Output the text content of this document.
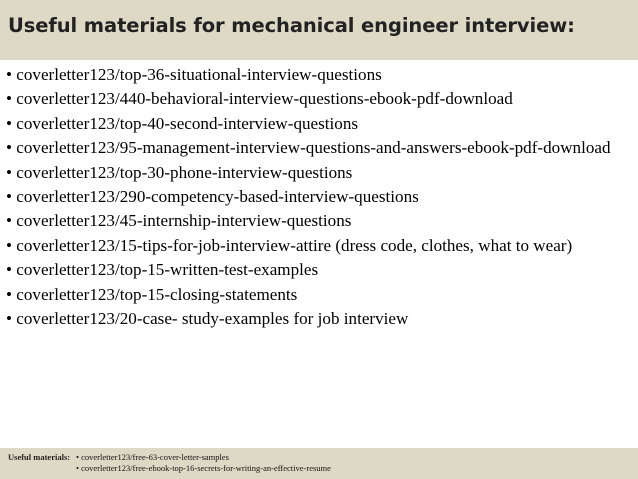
Useful materials for mechanical engineer interview:
• coverletter123/top-36-situational-interview-questions
• coverletter123/440-behavioral-interview-questions-ebook-pdf-download
• coverletter123/top-40-second-interview-questions
• coverletter123/95-management-interview-questions-and-answers-ebook-pdf-download
• coverletter123/top-30-phone-interview-questions
• coverletter123/290-competency-based-interview-questions
• coverletter123/45-internship-interview-questions
• coverletter123/15-tips-for-job-interview-attire (dress code, clothes, what to wear)
• coverletter123/top-15-written-test-examples
• coverletter123/top-15-closing-statements
• coverletter123/20-case- study-examples for job interview
Useful materials: • coverletter123/free-63-cover-letter-samples
• coverletter123/free-ebook-top-16-secrets-for-writing-an-effective-resume
